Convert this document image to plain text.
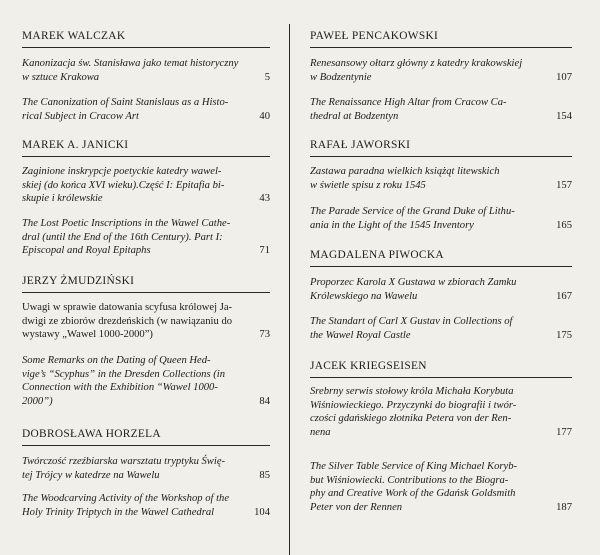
MAREK WALCZAK
Kanonizacja św. Stanisława jako temat historyczny
w sztuce Krakowa	5
The Canonization of Saint Stanislaus as a Histo-
rical Subject in Cracow Art	40
MAREK A. JANICKI
Zaginione inskrypcje poetyckie katedry wawel-
skiej (do końca XVI wieku).Część I: Epitafia bi-
skupie i królewskie	43
The Lost Poetic Inscriptions in the Wawel Cathe-
dral (until the End of the 16th Century). Part I:
Episcopal and Royal Epitaphs	71
JERZY ŻMUDZIŃSKI
Uwagi w sprawie datowania scyfusa królowej Ja-
dwigi ze zbiorów drezdeńskich (w nawiązaniu do
wystawy „Wawel 1000-2000”)	73
Some Remarks on the Dating of Queen Hed-
vige’s “Scyphus” in the Dresden Collections (in
Connection with the Exhibition “Wawel 1000-
2000”)	84
DOBROSŁAWA HORZELA
Twórczość rzeźbiarska warsztatu tryptyku Świę-
tej Trójcy w katedrze na Wawelu	85
The Woodcarving Activity of the Workshop of the
Holy Trinity Triptych in the Wawel Cathedral	104
PAWEŁ PENCAKOWSKI
Renesansowy ołtarz główny z katedry krakowskiej
w Bodzentynie	107
The Renaissance High Altar from Cracow Ca-
thedral at Bodzentyn	154
RAFAŁ JAWORSKI
Zastawa paradna wielkich książąt litewskich
w świetle spisu z roku 1545	157
The Parade Service of the Grand Duke of Lithu-
ania in the Light of the 1545 Inventory	165
MAGDALENA PIWOCKA
Proporzec Karola X Gustawa w zbiorach Zamku
Królewskiego na Wawelu	167
The Standart of Carl X Gustav in Collections of
the Wawel Royal Castle	175
JACEK KRIEGSEISEN
Srebrny serwis stołowy króla Michała Korybuta
Wiśniowieckiego. Przyczynki do biografii i twór-
czości gdańskiego złotnika Petera von der Ren-
nena	177
The Silver Table Service of King Michael Koryb-
but Wiśniowiecki. Contributions to the Biogra-
phy and Creative Work of the Gdańsk Goldsmith
Peter von der Rennen	187
